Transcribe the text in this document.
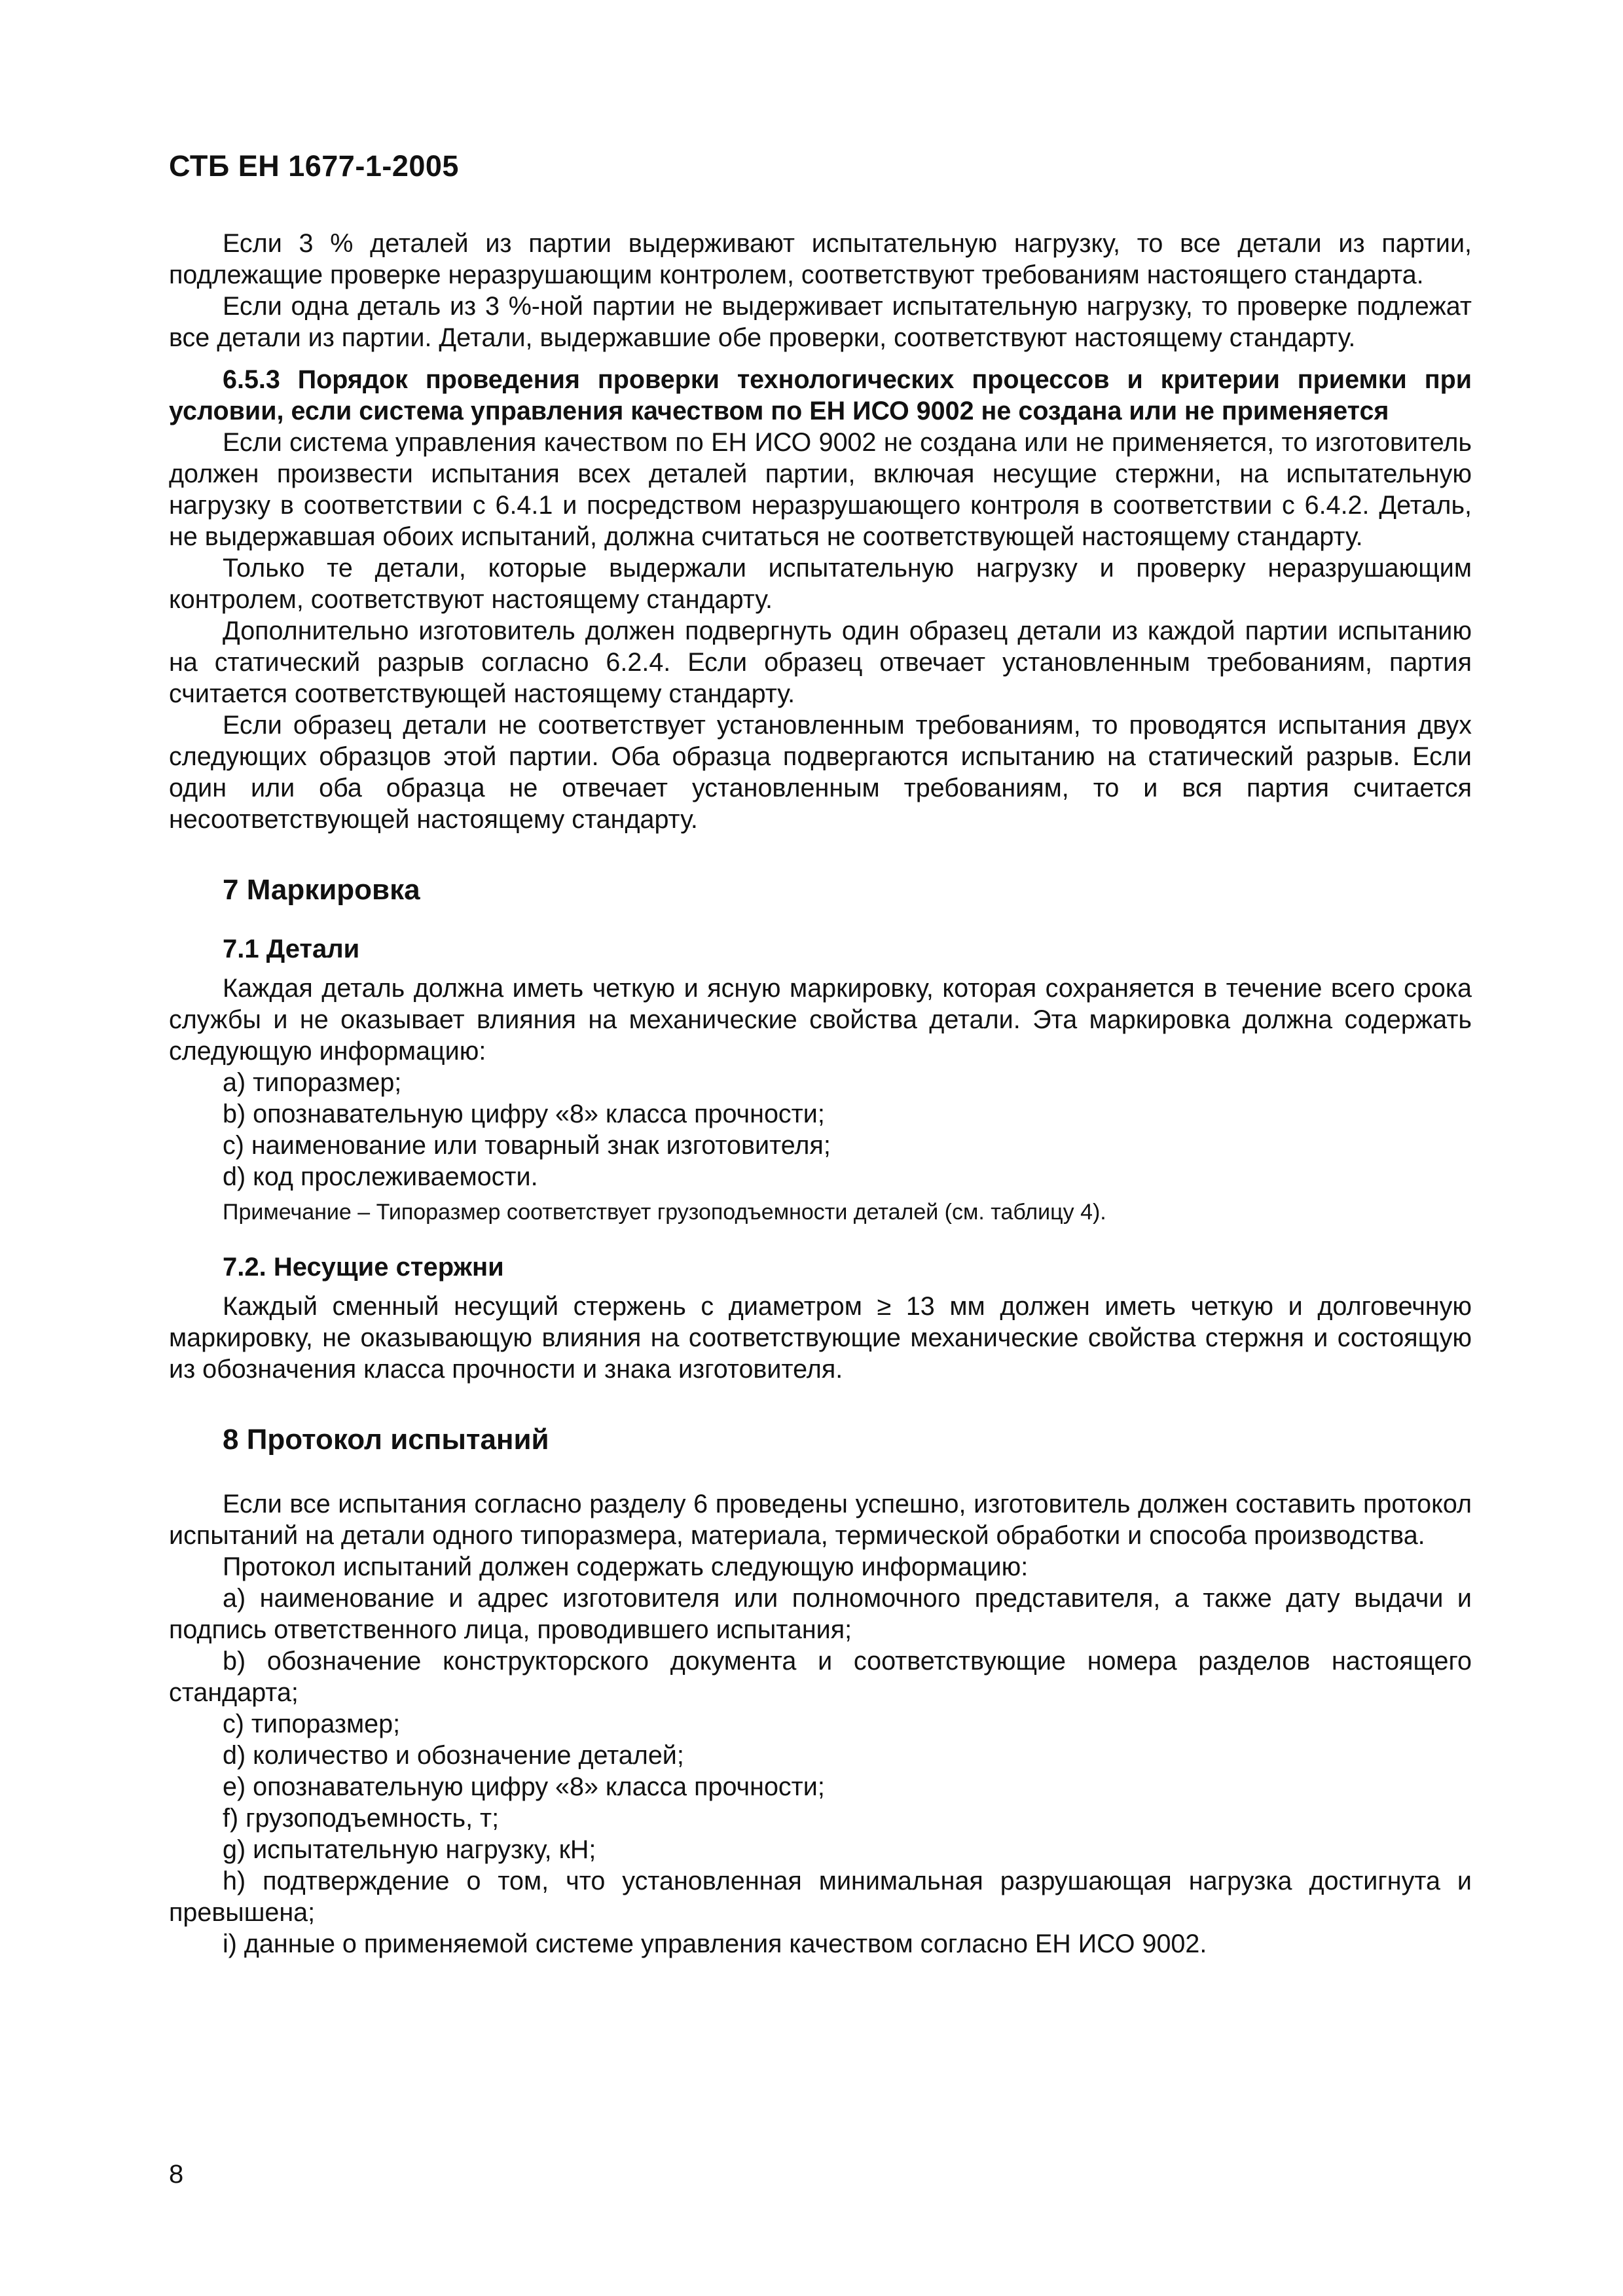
СТБ ЕН 1677-1-2005

Если 3 % деталей из партии выдерживают испытательную нагрузку, то все детали из партии, подлежащие проверке неразрушающим контролем, соответствуют требованиям настоящего стандарта.

Если одна деталь из 3 %-ной партии не выдерживает испытательную нагрузку, то проверке подлежат все детали из партии. Детали, выдержавшие обе проверки, соответствуют настоящему стандарту.

6.5.3 Порядок проведения проверки технологических процессов и критерии приемки при условии, если система управления качеством по ЕН ИСО 9002 не создана или не применяется

Если система управления качеством по ЕН ИСО 9002 не создана или не применяется, то изготовитель должен произвести испытания всех деталей партии, включая несущие стержни, на испытательную нагрузку в соответствии с 6.4.1 и посредством неразрушающего контроля в соответствии с 6.4.2. Деталь, не выдержавшая обоих испытаний, должна считаться не соответствующей настоящему стандарту.

Только те детали, которые выдержали испытательную нагрузку и проверку неразрушающим контролем, соответствуют настоящему стандарту.

Дополнительно изготовитель должен подвергнуть один образец детали из каждой партии испытанию на статический разрыв согласно 6.2.4. Если образец отвечает установленным требованиям, партия считается соответствующей настоящему стандарту.

Если образец детали не соответствует установленным требованиям, то проводятся испытания двух следующих образцов этой партии. Оба образца подвергаются испытанию на статический разрыв. Если один или оба образца не отвечает установленным требованиям, то и вся партия считается несоответствующей настоящему стандарту.

7 Маркировка
7.1 Детали

Каждая деталь должна иметь четкую и ясную маркировку, которая сохраняется в течение всего срока службы и не оказывает влияния на механические свойства детали. Эта маркировка должна содержать следующую информацию:

a) типоразмер;

b) опознавательную цифру «8» класса прочности;

c) наименование или товарный знак изготовителя;

d) код прослеживаемости.

Примечание – Типоразмер соответствует грузоподъемности деталей (см. таблицу 4).

7.2. Несущие стержни

Каждый сменный несущий стержень с диаметром ≥ 13 мм должен иметь четкую и долговечную маркировку, не оказывающую влияния на соответствующие механические свойства стержня и состоящую из обозначения класса прочности и знака изготовителя.

8 Протокол испытаний

Если все испытания согласно разделу 6 проведены успешно, изготовитель должен составить протокол испытаний на детали одного типоразмера, материала, термической обработки и способа производства.

Протокол испытаний должен содержать следующую информацию:

a) наименование и адрес изготовителя или полномочного представителя, а также дату выдачи и подпись ответственного лица, проводившего испытания;

b) обозначение конструкторского документа и соответствующие номера разделов настоящего стандарта;

c) типоразмер;

d) количество и обозначение деталей;

e) опознавательную цифру «8» класса прочности;

f) грузоподъемность, т;

g) испытательную нагрузку, кН;

h) подтверждение о том, что установленная минимальная разрушающая нагрузка достигнута и превышена;

i) данные о применяемой системе управления качеством согласно ЕН ИСО 9002.

8
